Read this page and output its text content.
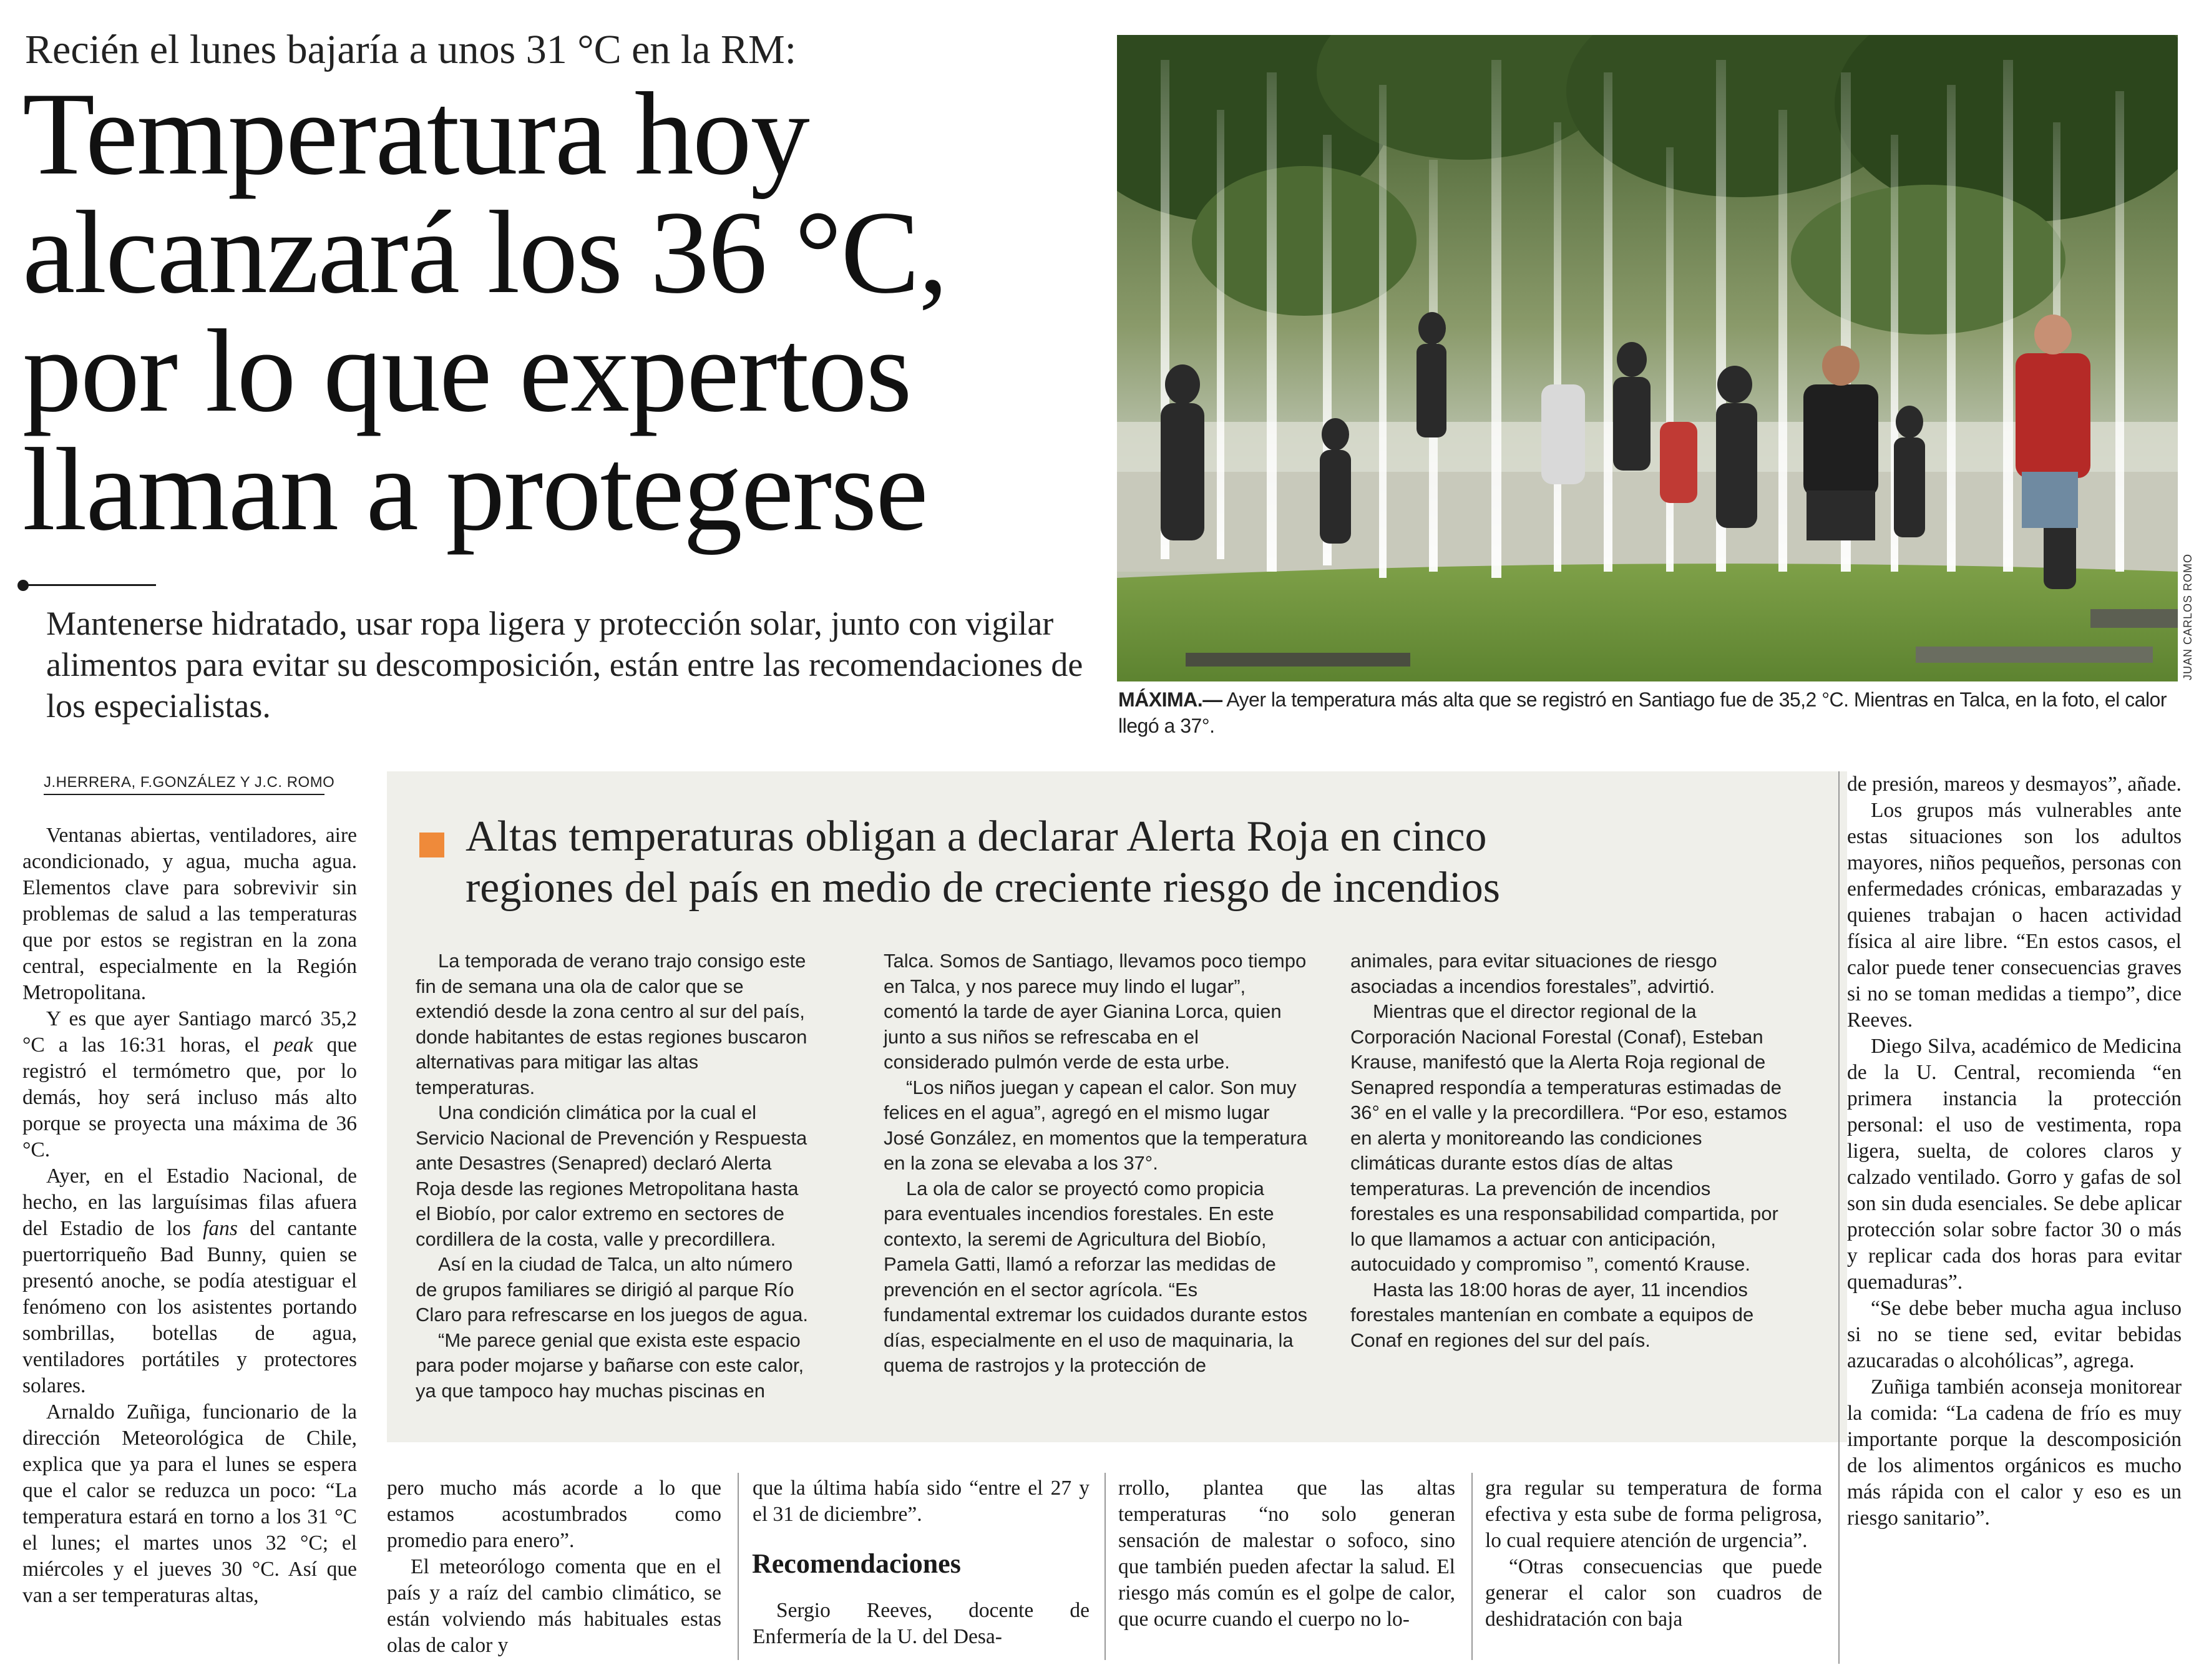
Recién el lunes bajaría a unos 31 °C en la RM:
Temperatura hoy
alcanzará los 36 °C,
por lo que expertos
llaman a protegerse
Mantenerse hidratado, usar ropa ligera y protección solar, junto con vigilar alimentos para evitar su descomposición, están entre las recomendaciones de los especialistas.
JUAN CARLOS ROMO
MÁXIMA.— Ayer la temperatura más alta que se registró en Santiago fue de 35,2 °C. Mientras en Talca, en la foto, el calor llegó a 37°.
J.HERRERA, F.GONZÁLEZ Y J.C. ROMO

Ventanas abiertas, ventiladores, aire acondicionado, y agua, mucha agua. Elementos clave para sobrevivir sin problemas de salud a las temperaturas que por estos se registran en la zona central, especialmente en la Región Metropolitana.

Y es que ayer Santiago marcó 35,2 °C a las 16:31 horas, el peak que registró el termómetro que, por lo demás, hoy será incluso más alto porque se proyecta una máxima de 36 °C.

Ayer, en el Estadio Nacional, de hecho, en las larguísimas filas afuera del Estadio de los fans del cantante puertorriqueño Bad Bunny, quien se presentó anoche, se podía atestiguar el fenómeno con los asistentes portando sombrillas, botellas de agua, ventiladores portátiles y protectores solares.

Arnaldo Zuñiga, funcionario de la dirección Meteorológica de Chile, explica que ya para el lunes se espera que el calor se reduzca un poco: “La temperatura estará en torno a los 31 °C el lunes; el martes unos 32 °C; el miércoles y el jueves 30 °C. Así que van a ser temperaturas altas,

Altas temperaturas obligan a declarar Alerta Roja en cinco
regiones del país en medio de creciente riesgo de incendios

La temporada de verano trajo consigo este fin de semana una ola de calor que se extendió desde la zona centro al sur del país, donde habitantes de estas regiones buscaron alternativas para mitigar las altas temperaturas.

Una condición climática por la cual el Servicio Nacional de Prevención y Respuesta ante Desastres (Senapred) declaró Alerta Roja desde las regiones Metropolitana hasta el Biobío, por calor extremo en sectores de cordillera de la costa, valle y precordillera.

Así en la ciudad de Talca, un alto número de grupos familiares se dirigió al parque Río Claro para refrescarse en los juegos de agua.

“Me parece genial que exista este espacio para poder mojarse y bañarse con este calor, ya que tampoco hay muchas piscinas en

Talca. Somos de Santiago, llevamos poco tiempo en Talca, y nos parece muy lindo el lugar”, comentó la tarde de ayer Gianina Lorca, quien junto a sus niños se refrescaba en el considerado pulmón verde de esta urbe.

“Los niños juegan y capean el calor. Son muy felices en el agua”, agregó en el mismo lugar José González, en momentos que la temperatura en la zona se elevaba a los 37°.

La ola de calor se proyectó como propicia para eventuales incendios forestales. En este contexto, la seremi de Agricultura del Biobío, Pamela Gatti, llamó a reforzar las medidas de prevención en el sector agrícola. “Es fundamental extremar los cuidados durante estos días, especialmente en el uso de maquinaria, la quema de rastrojos y la protección de

animales, para evitar situaciones de riesgo asociadas a incendios forestales”, advirtió.

Mientras que el director regional de la Corporación Nacional Forestal (Conaf), Esteban Krause, manifestó que la Alerta Roja regional de Senapred respondía a temperaturas estimadas de 36° en el valle y la precordillera. “Por eso, estamos en alerta y monitoreando las condiciones climáticas durante estos días de altas temperaturas. La prevención de incendios forestales es una responsabilidad compartida, por lo que llamamos a actuar con anticipación, autocuidado y compromiso ”, comentó Krause.

Hasta las 18:00 horas de ayer, 11 incendios forestales mantenían en combate a equipos de Conaf en regiones del sur del país.

pero mucho más acorde a lo que estamos acostumbrados como promedio para enero”.

El meteorólogo comenta que en el país y a raíz del cambio climático, se están volviendo más habituales estas olas de calor y

que la última había sido “entre el 27 y el 31 de diciembre”.

Recomendaciones

Sergio Reeves, docente de Enfermería de la U. del Desa-

rrollo, plantea que las altas temperaturas “no solo generan sensación de malestar o sofoco, sino que también pueden afectar la salud. El riesgo más común es el golpe de calor, que ocurre cuando el cuerpo no lo-

gra regular su temperatura de forma efectiva y esta sube de forma peligrosa, lo cual requiere atención de urgencia”.

“Otras consecuencias que puede generar el calor son cuadros de deshidratación con baja

de presión, mareos y desmayos”, añade.

Los grupos más vulnerables ante estas situaciones son los adultos mayores, niños pequeños, personas con enfermedades crónicas, embarazadas y quienes trabajan o hacen actividad física al aire libre. “En estos casos, el calor puede tener consecuencias graves si no se toman medidas a tiempo”, dice Reeves.

Diego Silva, académico de Medicina de la U. Central, recomienda “en primera instancia la protección personal: el uso de vestimenta, ropa ligera, suelta, de colores claros y calzado ventilado. Gorro y gafas de sol son sin duda esenciales. Se debe aplicar protección solar sobre factor 30 o más y replicar cada dos horas para evitar quemaduras”.

“Se debe beber mucha agua incluso si no se tiene sed, evitar bebidas azucaradas o alcohólicas”, agrega.

Zuñiga también aconseja monitorear la comida: “La cadena de frío es muy importante porque la descomposición de los alimentos orgánicos es mucho más rápida con el calor y eso es un riesgo sanitario”.
